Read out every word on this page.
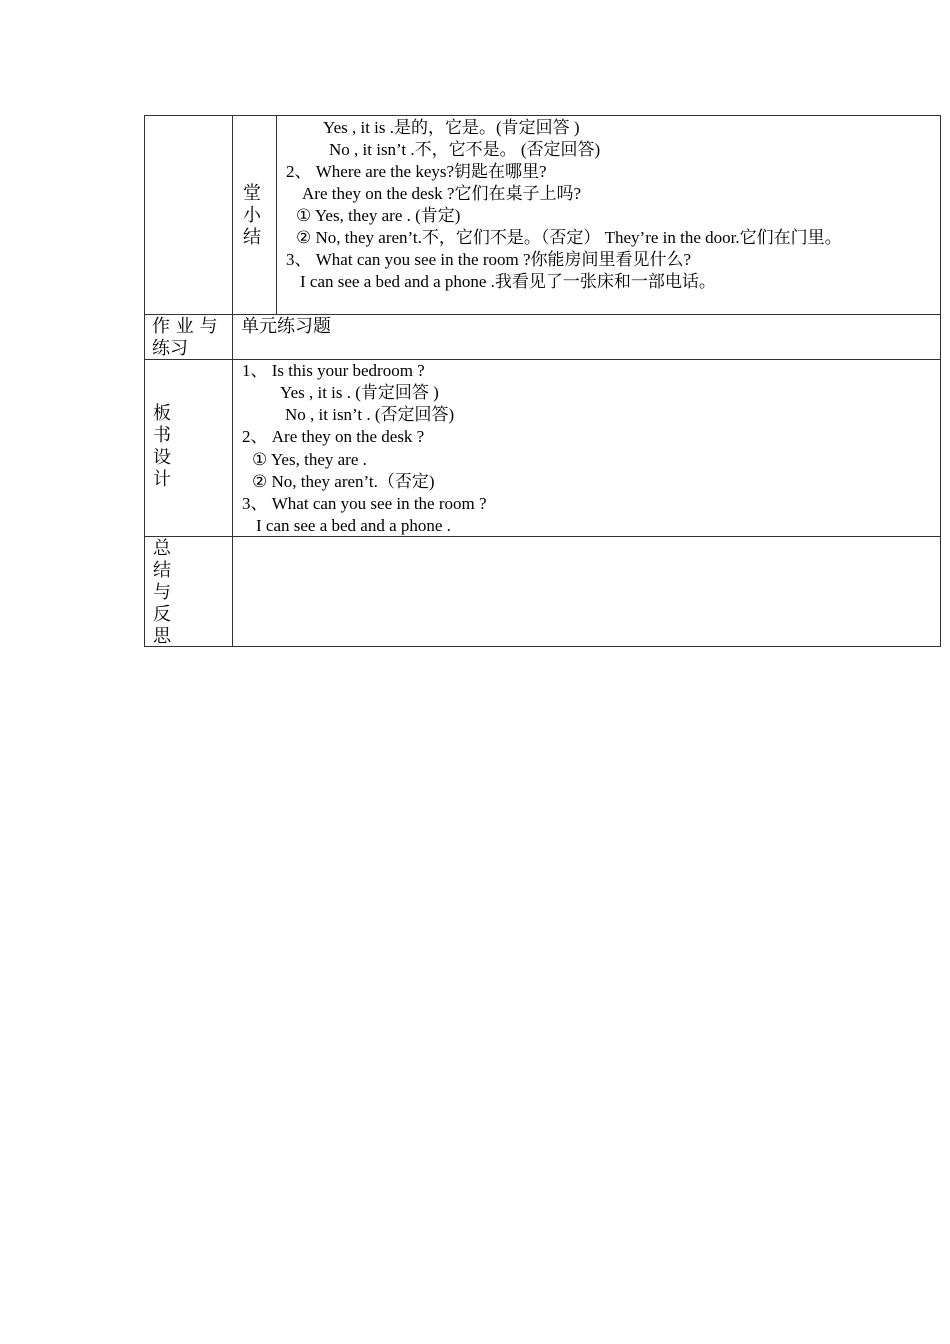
堂
小
结
Yes , it is .是的，它是。(肯定回答 )
No , it isn’t .不，它不是。 (否定回答)
2、 Where are the keys?钥匙在哪里?
Are they on the desk ?它们在桌子上吗?
① Yes, they are . (肯定)
② No, they aren’t.不，它们不是。（否定） They’re in the door.它们在门里。
3、 What can you see in the room ?你能房间里看见什么?
I can see a bed and a phone .我看见了一张床和一部电话。
作 业 与
练习
单元练习题
板
书
设
计
1、 Is this your bedroom ?
Yes , it is . (肯定回答 )
No , it isn’t . (否定回答)
2、 Are they on the desk ?
① Yes, they are .
② No, they aren’t.（否定)
3、 What can you see in the room ?
I can see a bed and a phone .
总
结
与
反
思
